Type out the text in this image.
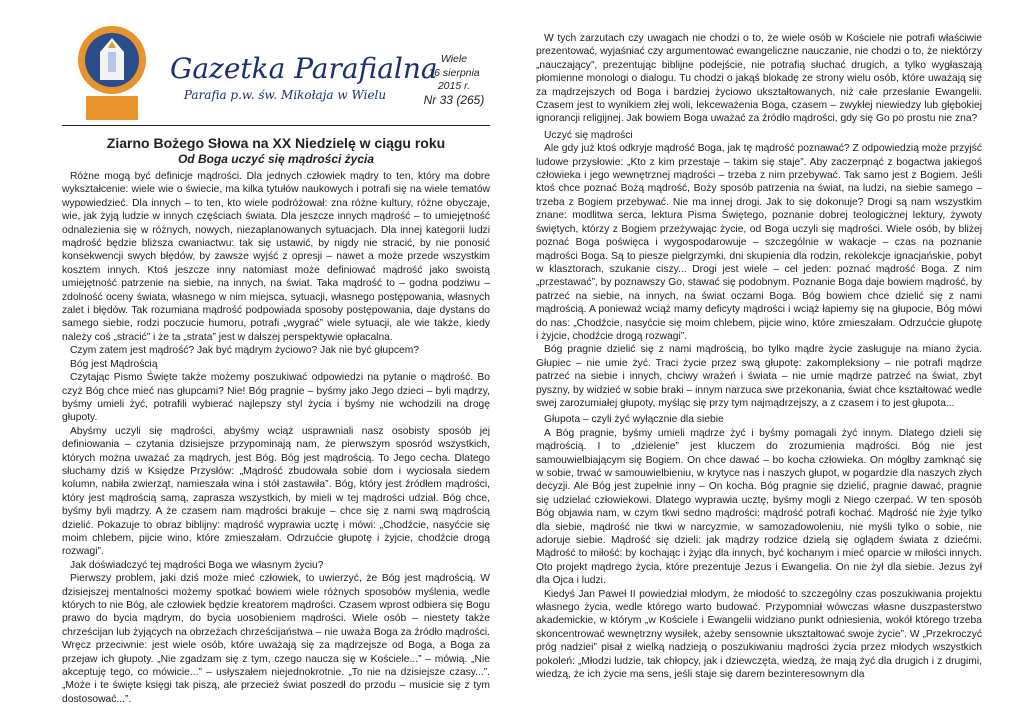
Gazetka Parafialna
Parafia p.w. św. Mikołaja w Wielu
Wiele
16 sierpnia
2015 r.
Nr 33 (265)
Ziarno Bożego Słowa na XX Niedzielę w ciągu roku
Od Boga uczyć się mądrości życia

Różne mogą być definicje mądrości. Dla jednych człowiek mądry to ten, który ma dobre wykształcenie: wiele wie o świecie, ma kilka tytułów naukowych i potrafi się na wiele tematów wypowiedzieć. Dla innych – to ten, kto wiele podróżował: zna różne kultury, różne obyczaje, wie, jak żyją ludzie w innych częściach świata. Dla jeszcze innych mądrość – to umiejętność odnalezienia się w różnych, nowych, niezaplanowanych sytuacjach. Dla innej kategorii ludzi mądrość będzie bliższa cwaniactwu: tak się ustawić, by nigdy nie stracić, by nie ponosić konsekwencji swych błędów, by zawsze wyjść z opresji – nawet a może przede wszystkim kosztem innych. Ktoś jeszcze inny natomiast może definiować mądrość jako swoistą umiejętność patrzenie na siebie, na innych, na świat. Taka mądrość to – godna podziwu – zdolność oceny świata, własnego w nim miejsca, sytuacji, własnego postępowania, własnych zalet i błędów. Tak rozumiana mądrość podpowiada sposoby postępowania, daje dystans do samego siebie, rodzi poczucie humoru, potrafi „wygrać” wiele sytuacji, ale wie także, kiedy należy coś „stracić” i że ta „strata” jest w dalszej perspektywie opłacalna.

Czym zatem jest mądrość? Jak być mądrym życiowo? Jak nie być głupcem?

Bóg jest Mądrością

Czytając Pismo Święte także możemy poszukiwać odpowiedzi na pytanie o mądrość. Bo czyż Bóg chce mieć nas głupcami? Nie! Bóg pragnie – byśmy jako Jego dzieci – byli mądrzy, byśmy umieli żyć, potrafili wybierać najlepszy styl życia i byśmy nie wchodzili na drogę głupoty.

Abyśmy uczyli się mądrości, abyśmy wciąż usprawniali nasz osobisty sposób jej definiowania – czytania dzisiejsze przypominają nam, że pierwszym sposród wszystkich, których można uważać za mądrych, jest Bóg. Bóg jest mądrością. To Jego cecha. Dlatego słuchamy dziś w Księdze Przysłów: „Mądrość zbudowała sobie dom i wyciosała siedem kolumn, nabiła zwierząt, namieszała wina i stół zastawiła”. Bóg, który jest źródłem mądrości, który jest mądrością samą, zaprasza wszystkich, by mieli w tej mądrości udział. Bóg chce, byśmy byli mądrzy. A że czasem nam mądrości brakuje – chce się z nami swą mądrością dzielić. Pokazuje to obraz biblijny: mądrość wyprawia ucztę i mówi: „Chodźcie, nasyćcie się moim chlebem, pijcie wino, które zmieszałam. Odrzućcie głupotę i żyjcie, chodźcie drogą rozwagi”.

Jak doświadczyć tej mądrości Boga we własnym życiu?

Pierwszy problem, jaki dziś może mieć człowiek, to uwierzyć, że Bóg jest mądrością. W dzisiejszej mentalności możemy spotkać bowiem wiele różnych sposobów myślenia, wedle których to nie Bóg, ale człowiek będzie kreatorem mądrości. Czasem wprost odbiera się Bogu prawo do bycia mądrym, do bycia uosobieniem mądrości. Wiele osób – niestety także chrześcijan lub żyjących na obrzeżach chrześcijaństwa – nie uważa Boga za źródło mądrości. Wręcz przeciwnie: jest wiele osób, które uważają się za mądrzejsze od Boga, a Boga za przejaw ich głupoty. „Nie zgadzam się z tym, czego naucza się w Kościele...” – mówią. „Nie akceptuję tego, co mówicie...” – usłyszałem niejednokrotnie. „To nie na dzisiejsze czasy...”. „Może i te święte księgi tak piszą, ale przecież świat poszedł do przodu – musicie się z tym dostosować...”.

W tych zarzutach czy uwagach nie chodzi o to, że wiele osób w Kościele nie potrafi właściwie prezentować, wyjaśniać czy argumentować ewangeliczne nauczanie, nie chodzi o to, że niektórzy „nauczający”, prezentując biblijne podejście, nie potrafią słuchać drugich, a tylko wygłaszają płomienne monologi o dialogu. Tu chodzi o jakąś blokadę ze strony wielu osób, które uważają się za mądrzejszych od Boga i bardziej życiowo ukształtowanych, niż całe przesłanie Ewangelii. Czasem jest to wynikiem złej woli, lekceważenia Boga, czasem – zwykłej niewiedzy lub głębokiej ignorancji religijnej. Jak bowiem Boga uważać za źródło mądrości, gdy się Go po prostu nie zna?

Uczyć się mądrości

Ale gdy już ktoś odkryje mądrość Boga, jak tę mądrość poznawać? Z odpowiedzią może przyjść ludowe przysłowie: „Kto z kim przestaje – takim się staje”. Aby zaczerpnąć z bogactwa jakiegoś człowieka i jego wewnętrznej mądrości – trzeba z nim przebywać. Tak samo jest z Bogiem. Jeśli ktoś chce poznać Bożą mądrość, Boży sposób patrzenia na świat, na ludzi, na siebie samego – trzeba z Bogiem przebywać. Nie ma innej drogi. Jak to się dokonuje? Drogi są nam wszystkim znane: modlitwa serca, lektura Pisma Świętego, poznanie dobrej teologicznej lektury, żywoty świętych, którzy z Bogiem przeżywając życie, od Boga uczyli się mądrości. Wiele osób, by bliżej poznać Boga poświęca i wygospodarowuje – szczególnie w wakacje – czas na poznanie mądrości Boga. Są to piesze pielgrzymki, dni skupienia dla rodzin, rekolekcje ignacjańskie, pobyt w klasztorach, szukanie ciszy... Drogi jest wiele – cel jeden: poznać mądrość Boga. Z nim „przestawać”, by poznawszy Go, stawać się podobnym. Poznanie Boga daje bowiem mądrość, by patrzeć na siebie, na innych, na świat oczami Boga. Bóg bowiem chce dzielić się z nami mądrością. A ponieważ wciąż mamy deficyty mądrości i wciąż łapiemy się na głupocie, Bóg mówi do nas: „Chodźcie, nasyćcie się moim chlebem, pijcie wino, które zmieszałam. Odrzućcie głupotę i żyjcie, chodźcie drogą rozwagi”.

Bóg pragnie dzielić się z nami mądrością, bo tylko mądre życie zasługuje na miano życia. Głupiec – nie umie żyć. Traci życie przez swą głupotę: zakompleksiony – nie potrafi mądrze patrzeć na siebie i innych, chciwy wrażeń i świata – nie umie mądrze patrzeć na świat, zbyt pyszny, by widzieć w sobie braki – innym narzuca swe przekonania, świat chce kształtować wedle swej zarozumiałej głupoty, myśląc się przy tym najmądrzejszy, a z czasem i to jest głupota...

Głupota – czyli żyć wyłącznie dla siebie

A Bóg pragnie, byśmy umieli mądrze żyć i byśmy pomagali żyć innym. Dlatego dzieli się mądrością. I to „dzielenie” jest kluczem do zrozumienia mądrości. Bóg nie jest samouwielbiającym się Bogiem. On chce dawać – bo kocha człowieka. On mógłby zamknąć się w sobie, trwać w samouwielbieniu, w krytyce nas i naszych głupot, w pogardzie dla naszych złych decyzji. Ale Bóg jest zupełnie inny – On kocha. Bóg pragnie się dzielić, pragnie dawać, pragnie się udzielać człowiekowi. Dlatego wyprawia ucztę, byśmy mogli z Niego czerpać. W ten sposób Bóg objawia nam, w czym tkwi sedno mądrości: mądrość potrafi kochać. Mądrość nie żyje tylko dla siebie, mądrość nie tkwi w narcyzmie, w samozadowoleniu, nie myśli tylko o sobie, nie adoruje siebie. Mądrość się dzieli: jak mądrzy rodzice dzielą się oglądem świata z dziećmi. Mądrość to miłość: by kochając i żyjąc dla innych, być kochanym i mieć oparcie w miłości innych. Oto projekt mądrego życia, które prezentuje Jezus i Ewangelia. On nie żył dla siebie. Jezus żył dla Ojca i ludzi.

Kiedyś Jan Paweł II powiedział młodym, że młodość to szczególny czas poszukiwania projektu własnego życia, wedle którego warto budować. Przypomniał wówczas własne duszpasterstwo akademickie, w którym „w Kościele i Ewangelii widziano punkt odniesienia, wokół którego trzeba skoncentrować wewnętrzny wysiłek, ażeby sensownie ukształtować swoje życie”. W „Przekroczyć próg nadziei” pisał z wielką nadzieją o poszukiwaniu mądrości życia przez młodych wszystkich pokoleń: „Młodzi ludzie, tak chłopcy, jak i dziewczęta, wiedzą, że mają żyć dla drugich i z drugimi, wiedzą, że ich życie ma sens, jeśli staje się darem bezinteresownym dla
